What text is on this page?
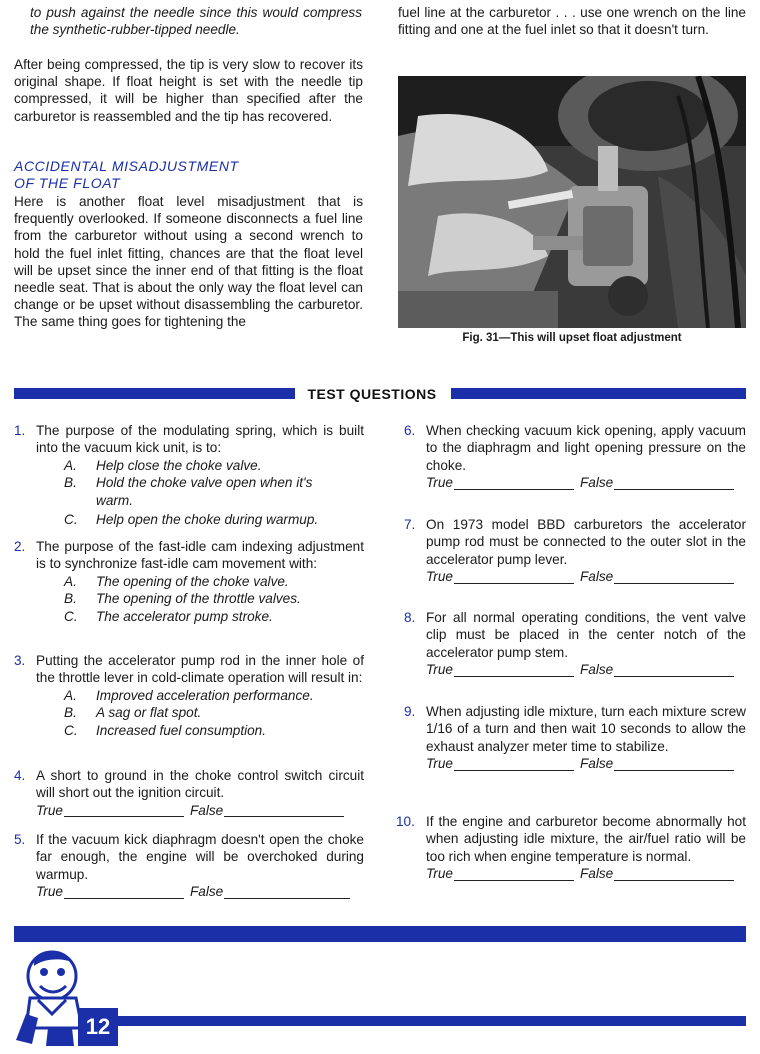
to push against the needle since this would compress the synthetic-rubber-tipped needle.

After being compressed, the tip is very slow to recover its original shape. If float height is set with the needle tip compressed, it will be higher than specified after the carburetor is reassembled and the tip has recovered.

ACCIDENTAL MISADJUSTMENT

OF THE FLOAT

Here is another float level misadjustment that is frequently overlooked. If someone disconnects a fuel line from the carburetor without using a second wrench to hold the fuel inlet fitting, chances are that the float level will be upset since the inner end of that fitting is the float needle seat. That is about the only way the float level can change or be upset without disassembling the carburetor. The same thing goes for tightening the

fuel line at the carburetor . . . use one wrench on the line fitting and one at the fuel inlet so that it doesn't turn.

Fig. 31—This will upset float adjustment
TEST QUESTIONS
1. The purpose of the modulating spring, which is built into the vacuum kick unit, is to:
A.	Help close the choke valve.
B.	Hold the choke valve open when it's warm.
C.	Help open the choke during warmup.
2. The purpose of the fast-idle cam indexing adjustment is to synchronize fast-idle cam movement with:
A.	The opening of the choke valve.
B.	The opening of the throttle valves.
C.	The accelerator pump stroke.
3. Putting the accelerator pump rod in the inner hole of the throttle lever in cold-climate operation will result in:
A.	Improved acceleration performance.
B.	A sag or flat spot.
C.	Increased fuel consumption.
4. A short to ground in the choke control switch circuit will short out the ignition circuit.
True	False
5. If the vacuum kick diaphragm doesn't open the choke far enough, the engine will be overchoked during warmup.
True	False
6. When checking vacuum kick opening, apply vacuum to the diaphragm and light opening pressure on the choke.
True	False
7. On 1973 model BBD carburetors the accelerator pump rod must be connected to the outer slot in the accelerator pump lever.
True	False
8. For all normal operating conditions, the vent valve clip must be placed in the center notch of the accelerator pump stem.
True	False
9. When adjusting idle mixture, turn each mixture screw 1/16 of a turn and then wait 10 seconds to allow the exhaust analyzer meter time to stabilize.
True	False
10. If the engine and carburetor become abnormally hot when adjusting idle mixture, the air/fuel ratio will be too rich when engine temperature is normal.
True	False
12
